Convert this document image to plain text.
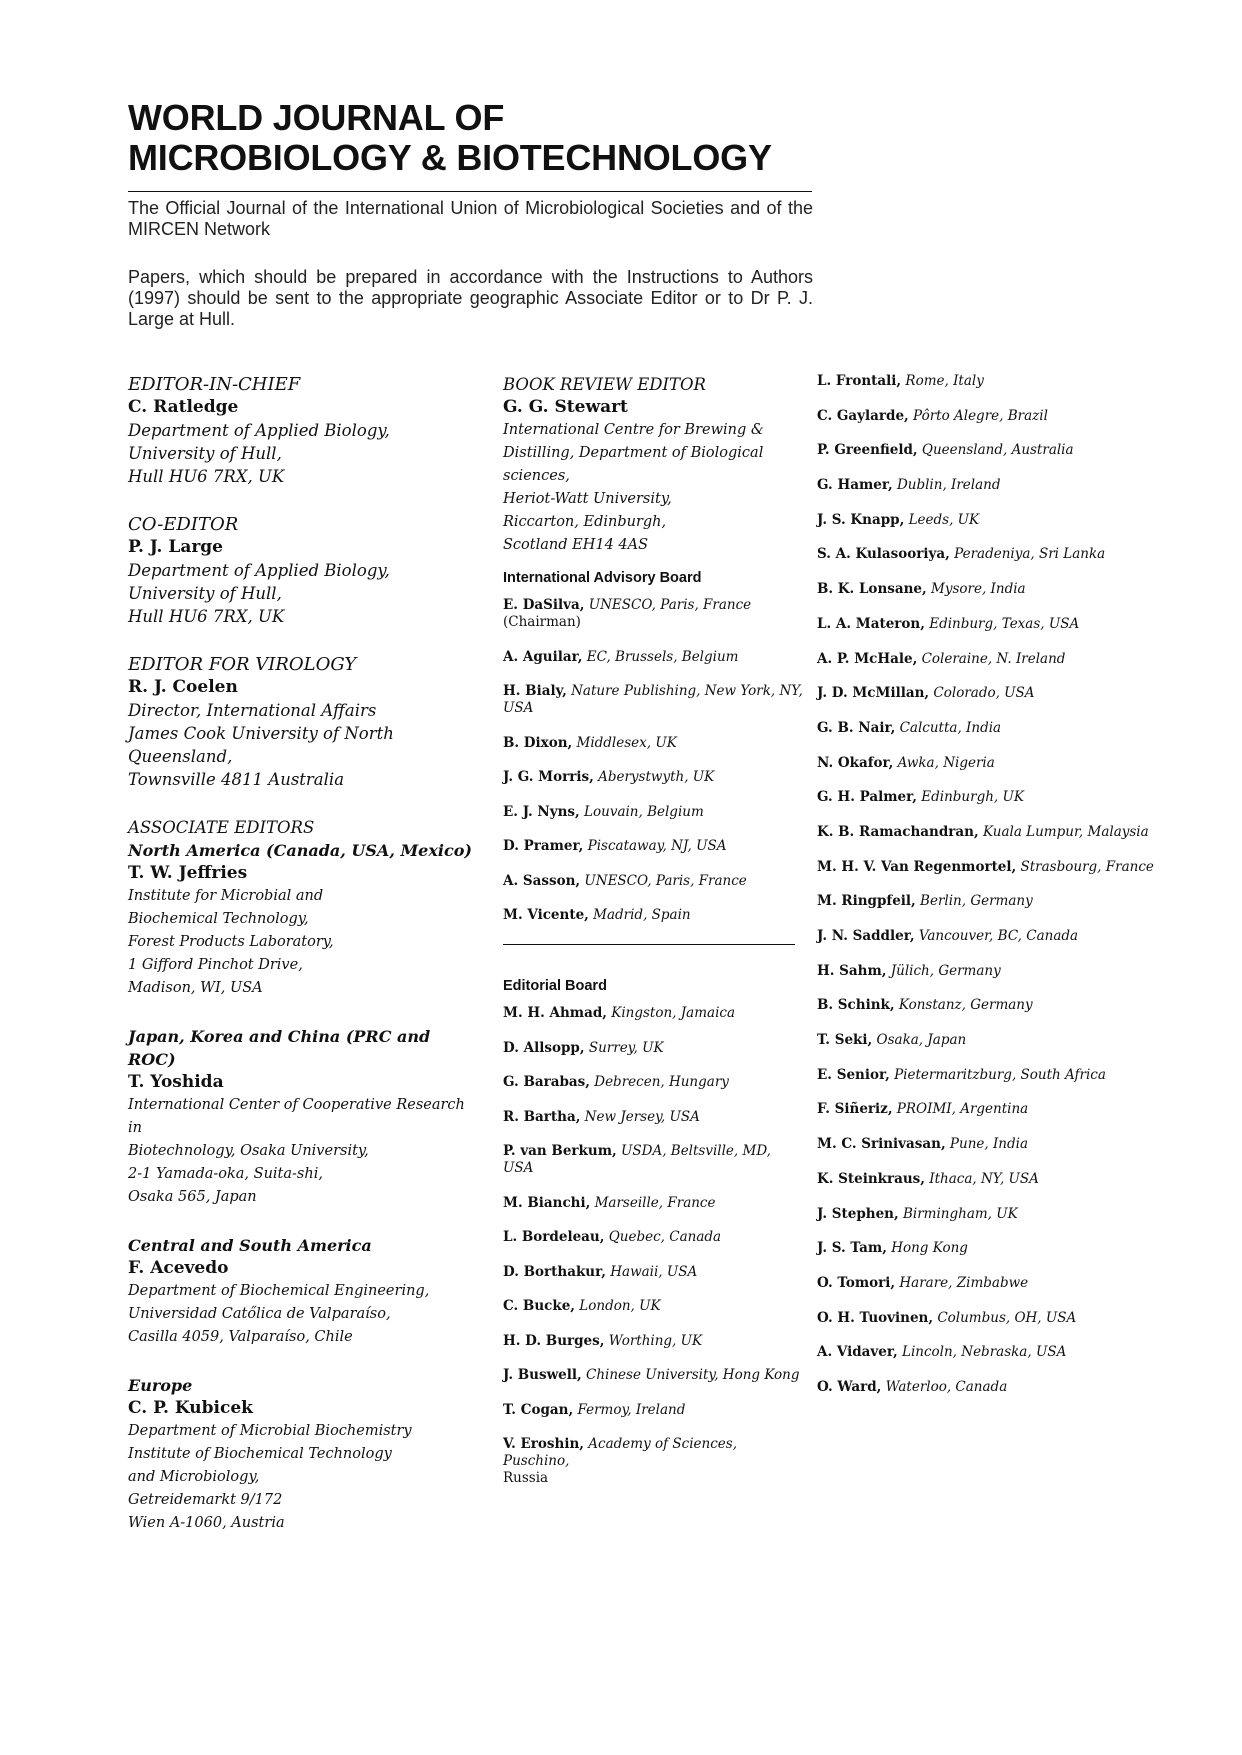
WORLD JOURNAL OF
MICROBIOLOGY & BIOTECHNOLOGY

The Official Journal of the International Union of Microbiological Societies and of the MIRCEN Network

Papers, which should be prepared in accordance with the Instructions to Authors (1997) should be sent to the appropriate geographic Associate Editor or to Dr P. J. Large at Hull.

EDITOR-IN-CHIEF

C. Ratledge

Department of Applied Biology,

University of Hull,

Hull HU6 7RX, UK

CO-EDITOR

P. J. Large

Department of Applied Biology,

University of Hull,

Hull HU6 7RX, UK

EDITOR FOR VIROLOGY

R. J. Coelen

Director, International Affairs

James Cook University of North Queensland,

Townsville 4811 Australia

ASSOCIATE EDITORS

North America (Canada, USA, Mexico)

T. W. Jeffries

Institute for Microbial and

Biochemical Technology,

Forest Products Laboratory,

1 Gifford Pinchot Drive,

Madison, WI, USA

Japan, Korea and China (PRC and ROC)

T. Yoshida

International Center of Cooperative Research in

Biotechnology, Osaka University,

2-1 Yamada-oka, Suita-shi,

Osaka 565, Japan

Central and South America

F. Acevedo

Department of Biochemical Engineering,

Universidad Catőlica de Valparaíso,

Casilla 4059, Valparaíso, Chile

Europe

C. P. Kubicek

Department of Microbial Biochemistry

Institute of Biochemical Technology

and Microbiology,

Getreidemarkt 9/172

Wien A-1060, Austria

BOOK REVIEW EDITOR

G. G. Stewart

International Centre for Brewing &

Distilling, Department of Biological sciences,

Heriot-Watt University,

Riccarton, Edinburgh,

Scotland EH14 4AS

International Advisory Board

E. DaSilva, UNESCO, Paris, France
(Chairman)

A. Aguilar, EC, Brussels, Belgium

H. Bialy, Nature Publishing, New York, NY, USA

B. Dixon, Middlesex, UK

J. G. Morris, Aberystwyth, UK

E. J. Nyns, Louvain, Belgium

D. Pramer, Piscataway, NJ, USA

A. Sasson, UNESCO, Paris, France

M. Vicente, Madrid, Spain

Editorial Board

M. H. Ahmad, Kingston, Jamaica

D. Allsopp, Surrey, UK

G. Barabas, Debrecen, Hungary

R. Bartha, New Jersey, USA

P. van Berkum, USDA, Beltsville, MD, USA

M. Bianchi, Marseille, France

L. Bordeleau, Quebec, Canada

D. Borthakur, Hawaii, USA

C. Bucke, London, UK

H. D. Burges, Worthing, UK

J. Buswell, Chinese University, Hong Kong

T. Cogan, Fermoy, Ireland

V. Eroshin, Academy of Sciences, Puschino,
Russia

L. Frontali, Rome, Italy

C. Gaylarde, Pôrto Alegre, Brazil

P. Greenfield, Queensland, Australia

G. Hamer, Dublin, Ireland

J. S. Knapp, Leeds, UK

S. A. Kulasooriya, Peradeniya, Sri Lanka

B. K. Lonsane, Mysore, India

L. A. Materon, Edinburg, Texas, USA

A. P. McHale, Coleraine, N. Ireland

J. D. McMillan, Colorado, USA

G. B. Nair, Calcutta, India

N. Okafor, Awka, Nigeria

G. H. Palmer, Edinburgh, UK

K. B. Ramachandran, Kuala Lumpur, Malaysia

M. H. V. Van Regenmortel, Strasbourg, France

M. Ringpfeil, Berlin, Germany

J. N. Saddler, Vancouver, BC, Canada

H. Sahm, Jülich, Germany

B. Schink, Konstanz, Germany

T. Seki, Osaka, Japan

E. Senior, Pietermaritzburg, South Africa

F. Siñeriz, PROIMI, Argentina

M. C. Srinivasan, Pune, India

K. Steinkraus, Ithaca, NY, USA

J. Stephen, Birmingham, UK

J. S. Tam, Hong Kong

O. Tomori, Harare, Zimbabwe

O. H. Tuovinen, Columbus, OH, USA

A. Vidaver, Lincoln, Nebraska, USA

O. Ward, Waterloo, Canada
